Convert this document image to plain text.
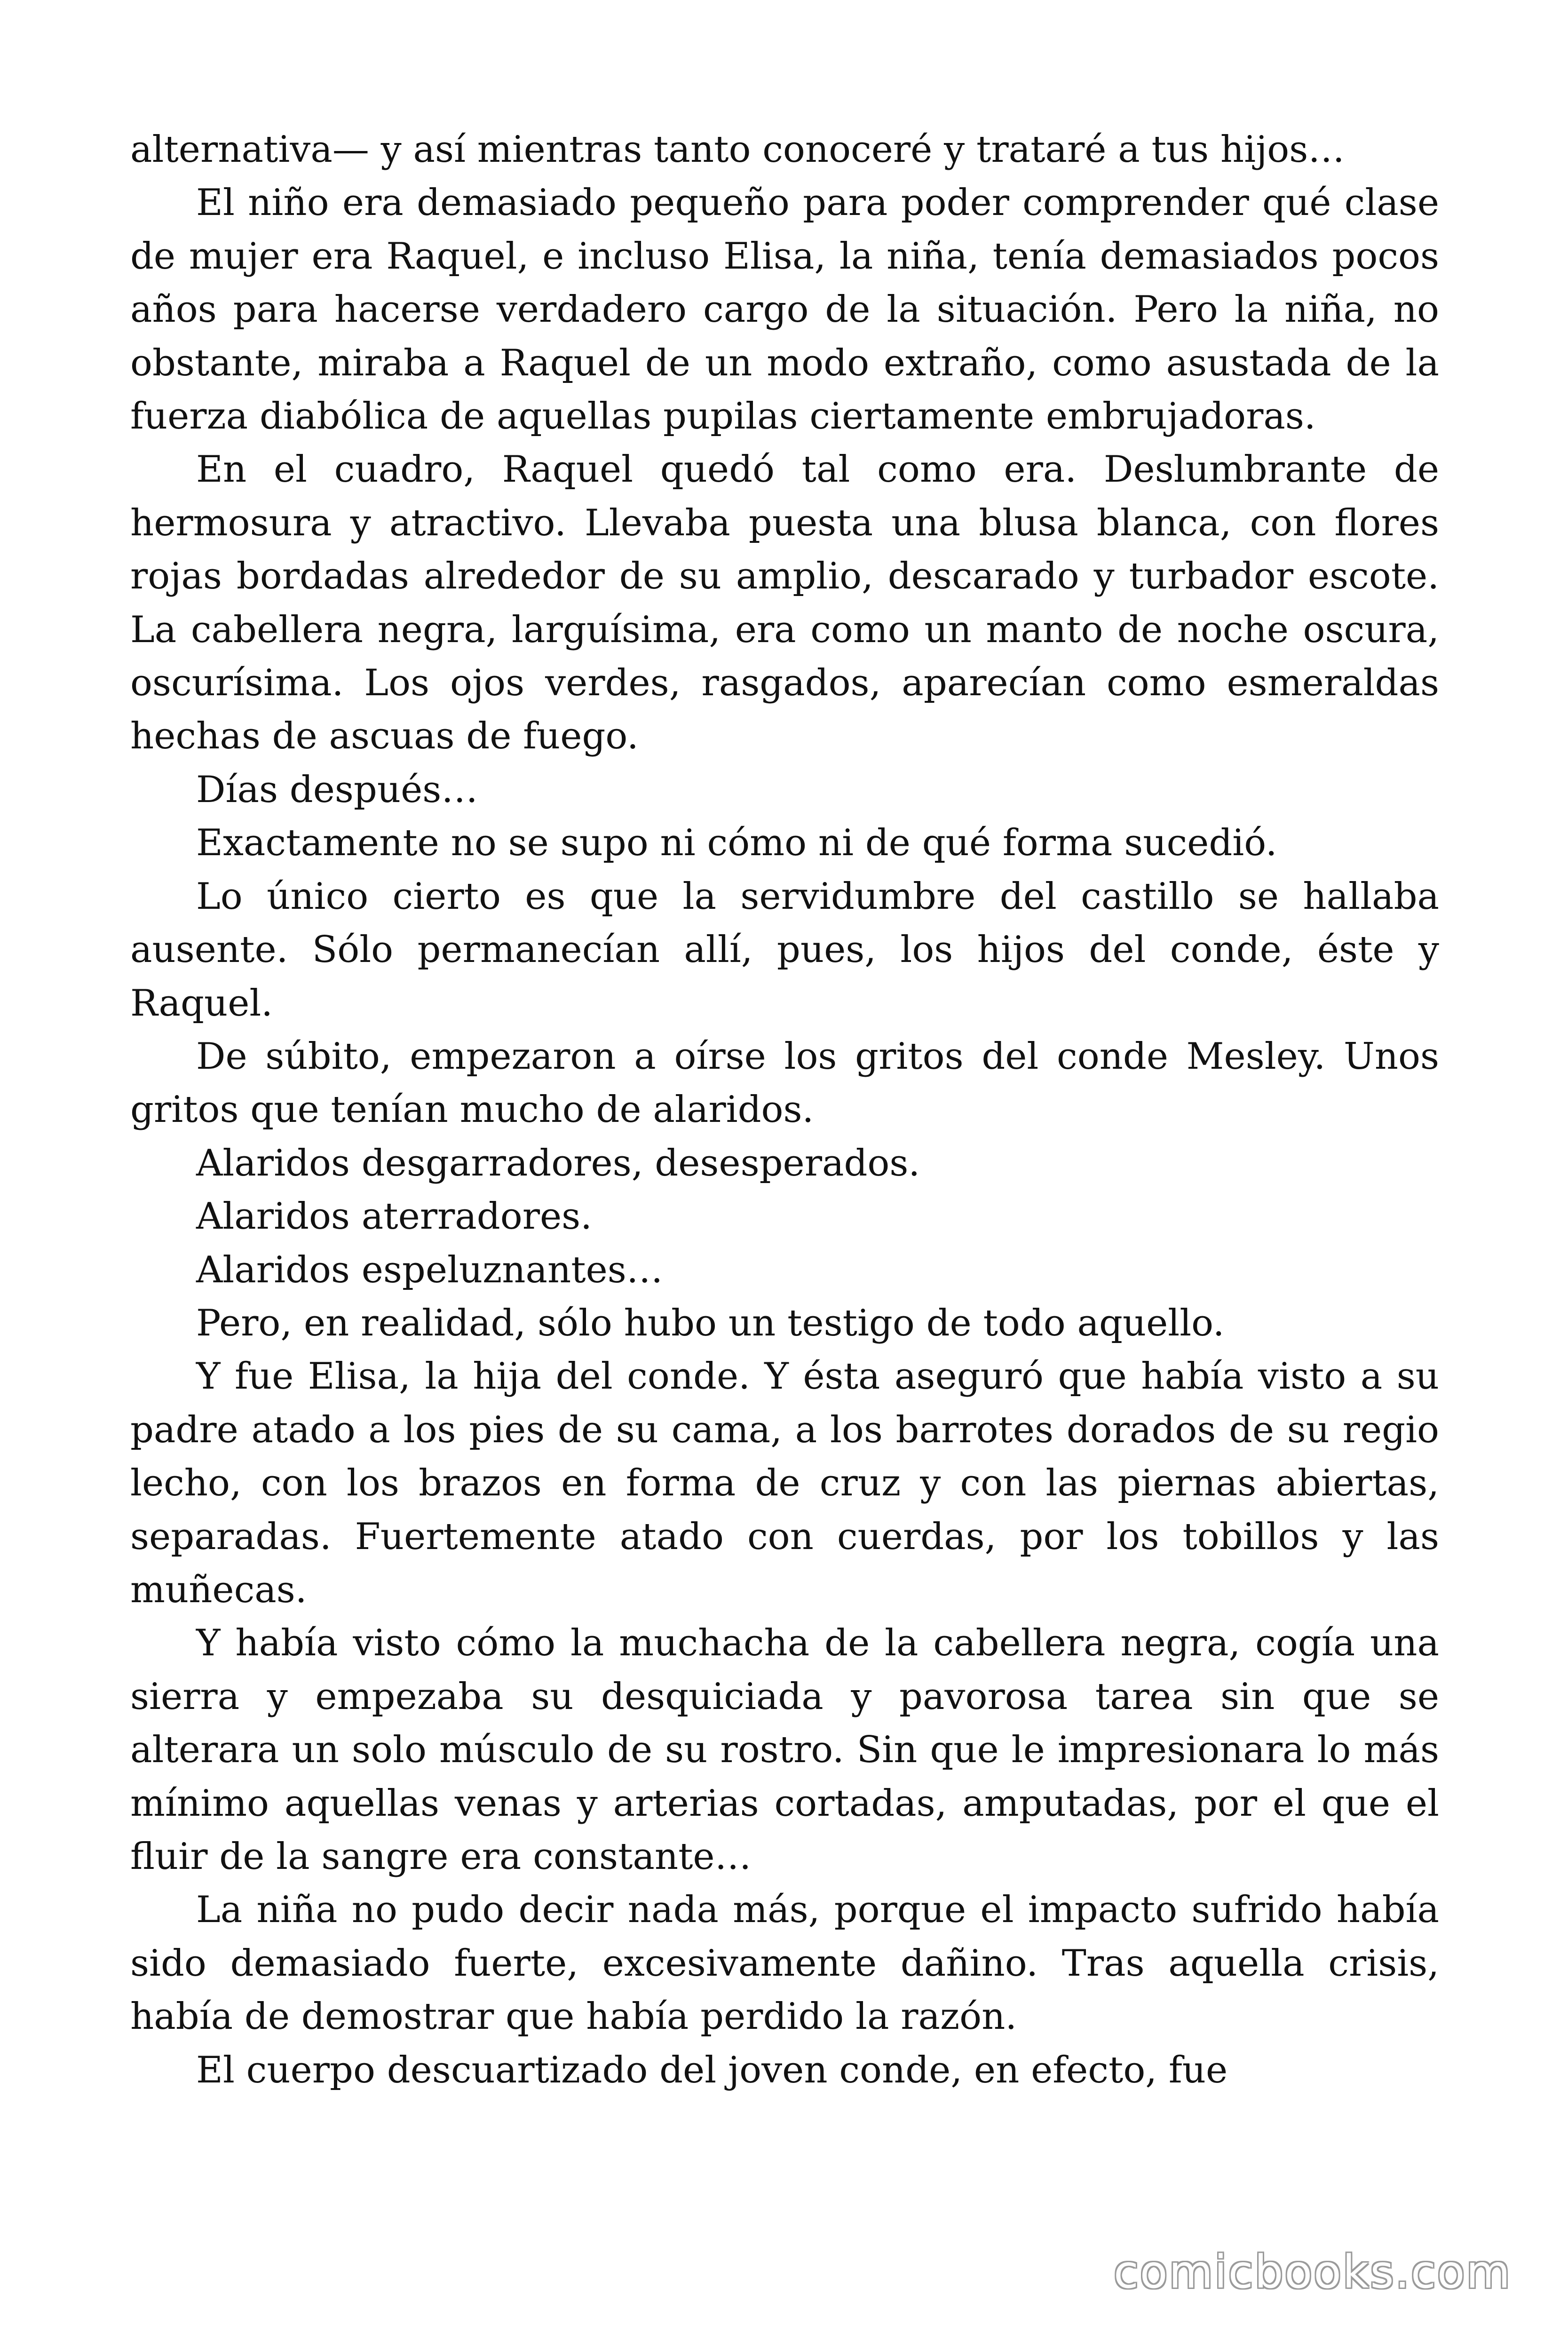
alternativa— y así mientras tanto conoceré y trataré a tus hijos…

El niño era demasiado pequeño para poder comprender qué clase de mujer era Raquel, e incluso Elisa, la niña, tenía demasiados pocos años para hacerse verdadero cargo de la situación. Pero la niña, no obstante, miraba a Raquel de un modo extraño, como asustada de la fuerza diabólica de aquellas pupilas ciertamente embrujadoras.

En el cuadro, Raquel quedó tal como era. Deslumbrante de hermosura y atractivo. Llevaba puesta una blusa blanca, con flores rojas bordadas alrededor de su amplio, descarado y turbador escote. La cabellera negra, larguísima, era como un manto de noche oscura, oscurísima. Los ojos verdes, rasgados, aparecían como esmeraldas hechas de ascuas de fuego.

Días después…

Exactamente no se supo ni cómo ni de qué forma sucedió.

Lo único cierto es que la servidumbre del castillo se hallaba ausente. Sólo permanecían allí, pues, los hijos del conde, éste y Raquel.

De súbito, empezaron a oírse los gritos del conde Mesley. Unos gritos que tenían mucho de alaridos.

Alaridos desgarradores, desesperados.

Alaridos aterradores.

Alaridos espeluznantes…

Pero, en realidad, sólo hubo un testigo de todo aquello.

Y fue Elisa, la hija del conde. Y ésta aseguró que había visto a su padre atado a los pies de su cama, a los barrotes dorados de su regio lecho, con los brazos en forma de cruz y con las piernas abiertas, separadas. Fuertemente atado con cuerdas, por los tobillos y las muñecas.

Y había visto cómo la muchacha de la cabellera negra, cogía una sierra y empezaba su desquiciada y pavorosa tarea sin que se alterara un solo músculo de su rostro. Sin que le impresionara lo más mínimo aquellas venas y arterias cortadas, amputadas, por el que el fluir de la sangre era constante…

La niña no pudo decir nada más, porque el impacto sufrido había sido demasiado fuerte, excesivamente dañino. Tras aquella crisis, había de demostrar que había perdido la razón.

El cuerpo descuartizado del joven conde, en efecto, fue

comicbooks.com
